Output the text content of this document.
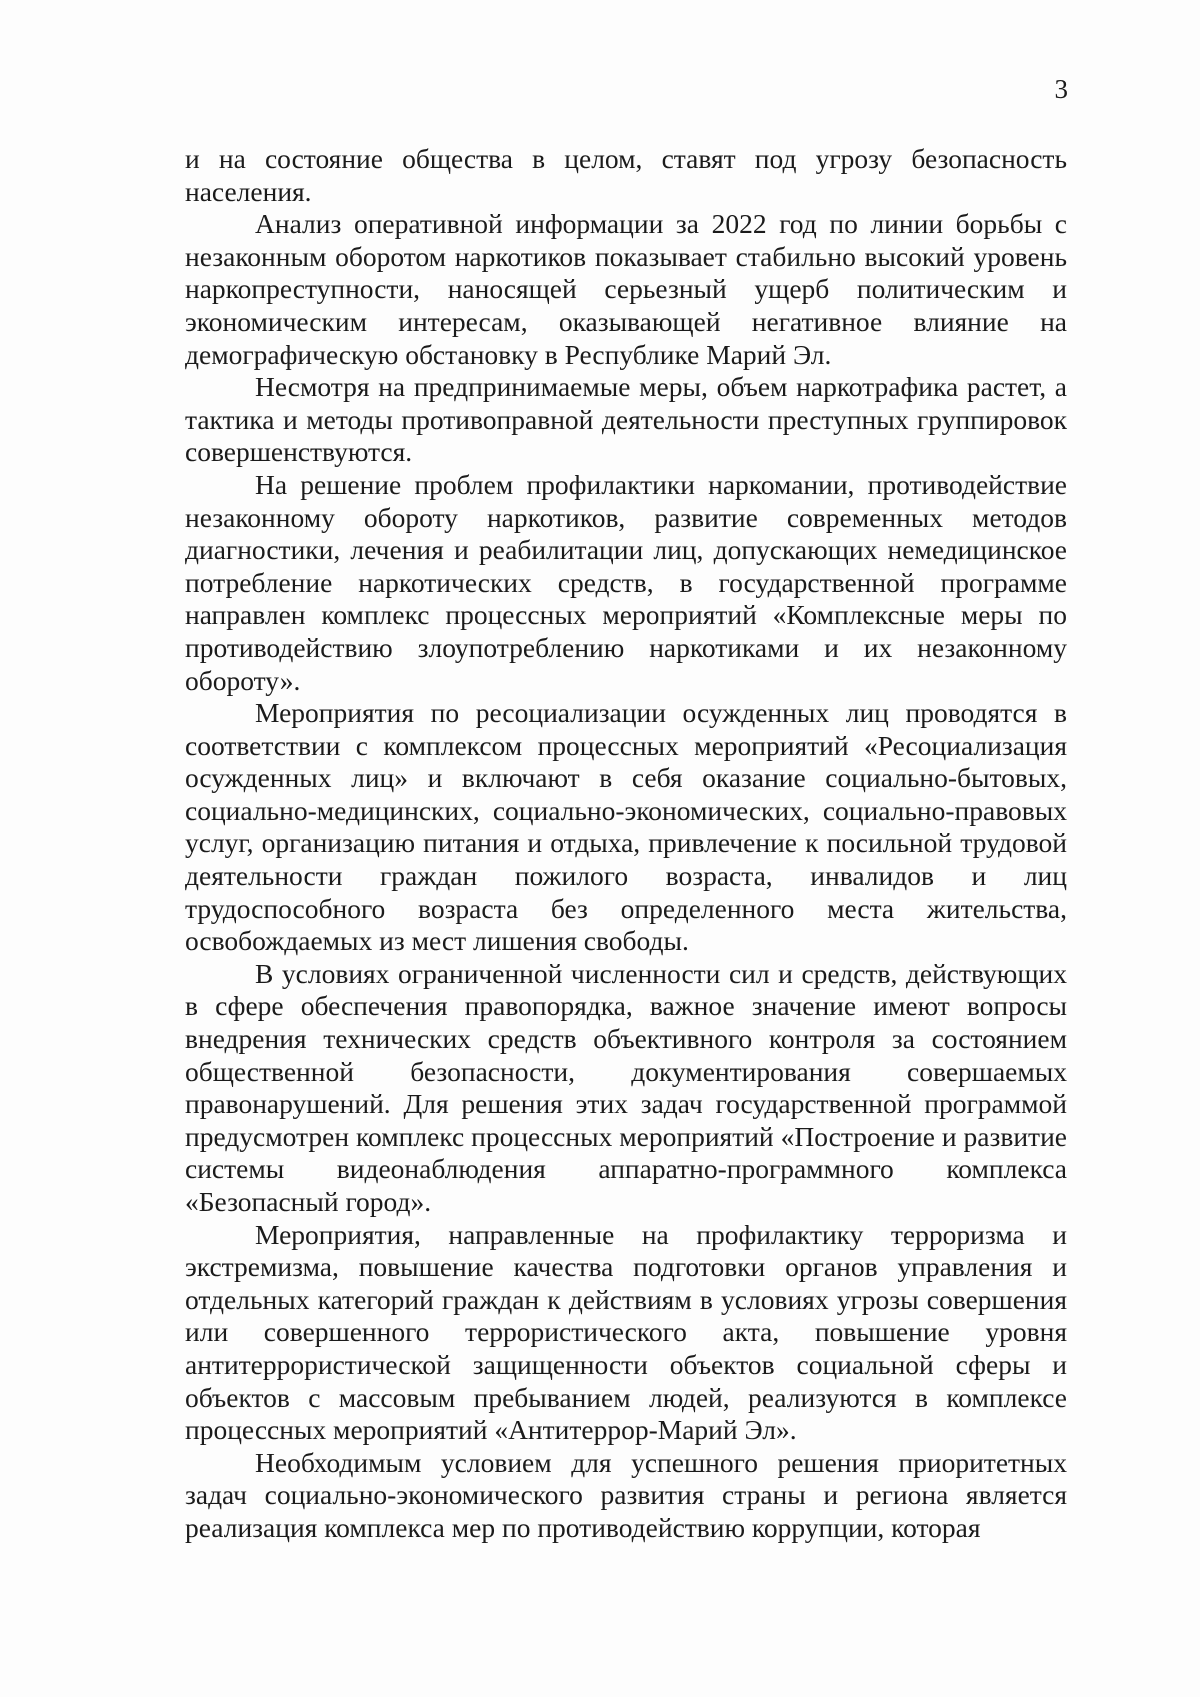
3

и на состояние общества в целом, ставят под угрозу безопасность населения.

Анализ оперативной информации за 2022 год по линии борьбы с незаконным оборотом наркотиков показывает стабильно высокий уровень наркопреступности, наносящей серьезный ущерб политическим и экономическим интересам, оказывающей негативное влияние на демографическую обстановку в Республике Марий Эл.

Несмотря на предпринимаемые меры, объем наркотрафика растет, а тактика и методы противоправной деятельности преступных группировок совершенствуются.

На решение проблем профилактики наркомании, противодействие незаконному обороту наркотиков, развитие современных методов диагностики, лечения и реабилитации лиц, допускающих немедицинское потребление наркотических средств, в государственной программе направлен комплекс процессных мероприятий «Комплексные меры по противодействию злоупотреблению наркотиками и их незаконному обороту».

Мероприятия по ресоциализации осужденных лиц проводятся в соответствии с комплексом процессных мероприятий «Ресоциализация осужденных лиц» и включают в себя оказание социально-бытовых, социально-медицинских, социально-экономических, социально-правовых услуг, организацию питания и отдыха, привлечение к посильной трудовой деятельности граждан пожилого возраста, инвалидов и лиц трудоспособного возраста без определенного места жительства, освобождаемых из мест лишения свободы.

В условиях ограниченной численности сил и средств, действующих в сфере обеспечения правопорядка, важное значение имеют вопросы внедрения технических средств объективного контроля за состоянием общественной безопасности, документирования совершаемых правонарушений. Для решения этих задач государственной программой предусмотрен комплекс процессных мероприятий «Построение и развитие системы видеонаблюдения аппаратно-программного комплекса «Безопасный город».

Мероприятия, направленные на профилактику терроризма и экстремизма, повышение качества подготовки органов управления и отдельных категорий граждан к действиям в условиях угрозы совершения или совершенного террористического акта, повышение уровня антитеррористической защищенности объектов социальной сферы и объектов с массовым пребыванием людей, реализуются в комплексе процессных мероприятий «Антитеррор-Марий Эл».

Необходимым условием для успешного решения приоритетных задач социально-экономического развития страны и региона является реализация комплекса мер по противодействию коррупции, которая
